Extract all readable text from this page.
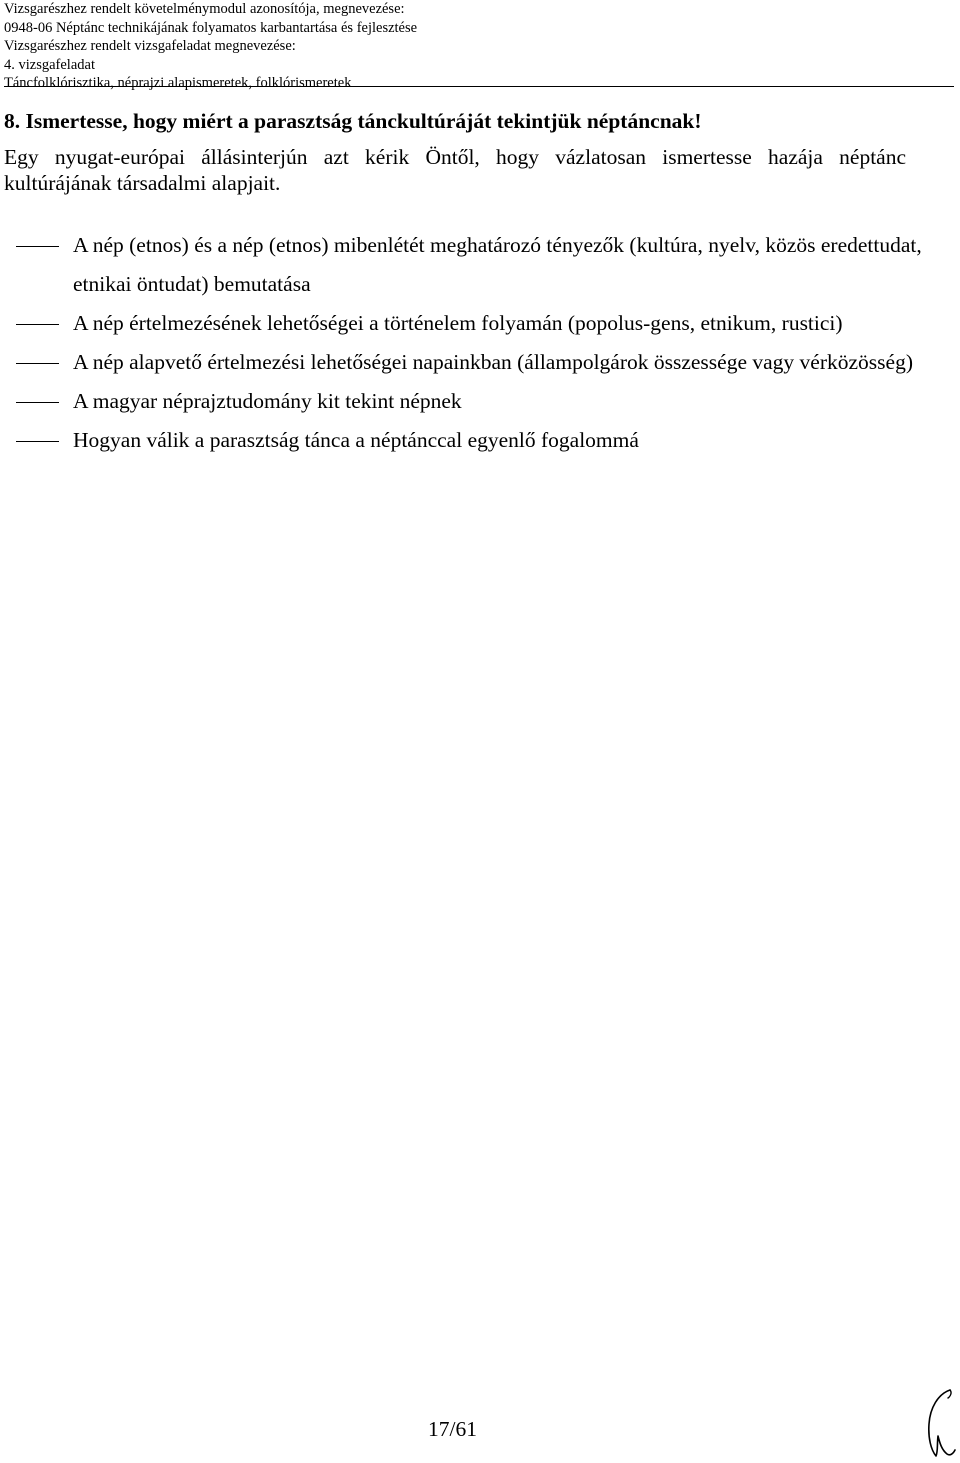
Vizsgarészhez rendelt követelménymodul azonosítója, megnevezése:
0948-06 Néptánc technikájának folyamatos karbantartása és fejlesztése
Vizsgarészhez rendelt vizsgafeladat megnevezése:
4. vizsgafeladat
Táncfolklórisztika, néprajzi alapismeretek, folklórismeretek
8. Ismertesse, hogy miért a parasztság tánckultúráját tekintjük néptáncnak!
Egy nyugat-európai állásinterjún azt kérik Öntől, hogy vázlatosan ismertesse hazája néptánc kultúrájának társadalmi alapjait.
A nép (etnos) és a nép (etnos) mibenlétét meghatározó tényezők (kultúra, nyelv, közös eredettudat, etnikai öntudat) bemutatása
A nép értelmezésének lehetőségei a történelem folyamán (popolus-gens, etnikum, rustici)
A nép alapvető értelmezési lehetőségei napainkban (állampolgárok összessége vagy vérközösség)
A magyar néprajztudomány kit tekint népnek
Hogyan válik a parasztság tánca a néptánccal egyenlő fogalommá
17/61
